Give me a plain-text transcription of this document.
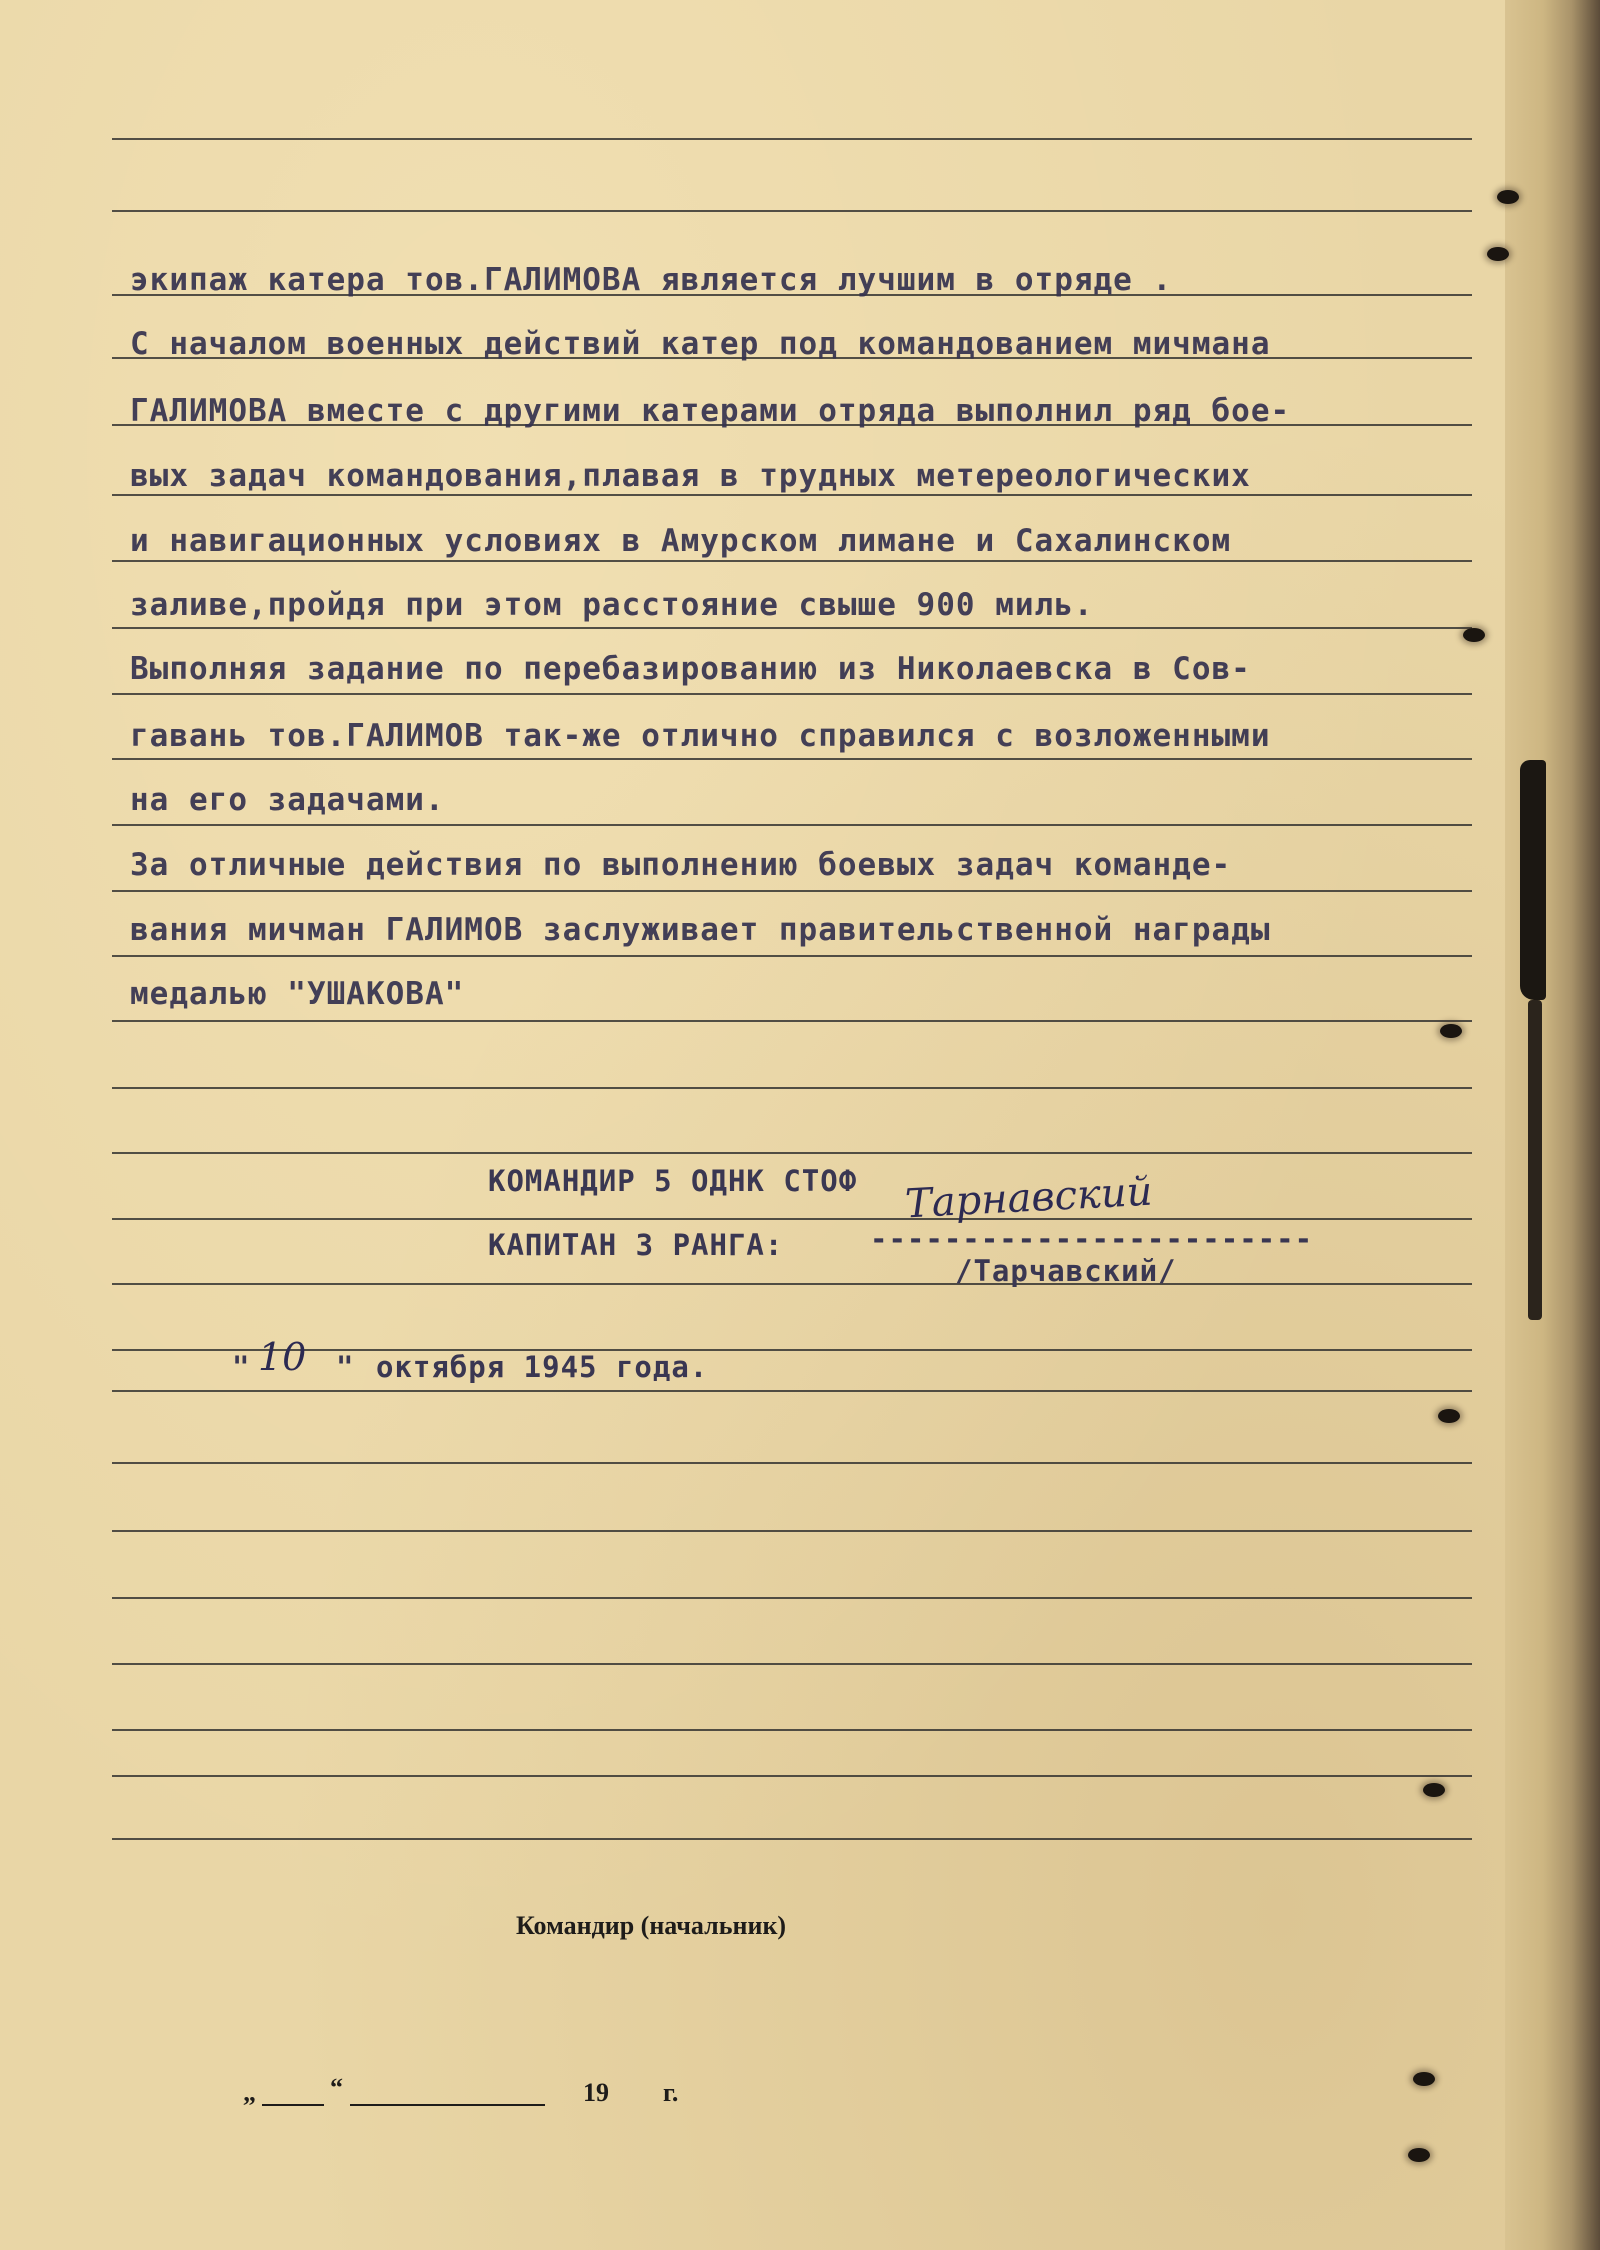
экипаж катера тов.ГАЛИМОВА является лучшим в отряде .
С началом военных действий катер под командованием мичмана
ГАЛИМОВА вместе с другими катерами отряда выполнил ряд бое-
вых задач командования,плавая в трудных метереологических
и навигационных условиях в Амурском лимане и Сахалинском
заливе,пройдя при этом расстояние свыше 900 миль.
Выполняя задание по перебазированию из Николаевска в Сов-
гавань тов.ГАЛИМОВ так-же отлично справился с возложенными
на его задачами.
За отличные действия по выполнению боевых задач команде-
вания мичман ГАЛИМОВ заслуживает правительственной награды
медалью "УШАКОВА"
КОМАНДИР 5 ОДНК СТОФ
КАПИТАН 3 РАНГА:	------------------------
/Тарчавский/
Тарнавский
" 10 " октября 1945 года.
Командир (начальник)
„	“	19 г.
